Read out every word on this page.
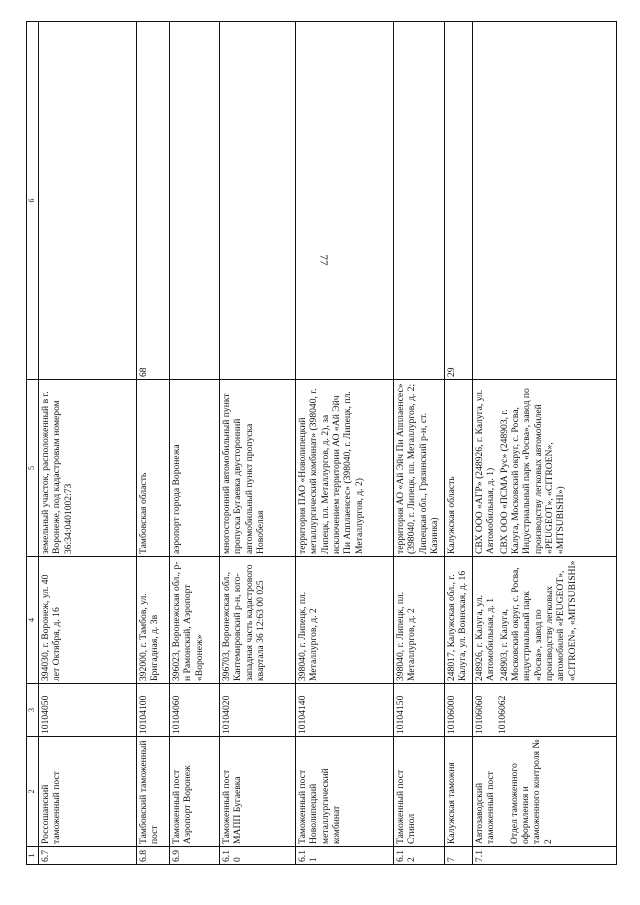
77
1	2	3	4	5	6
6.7	Россошанский таможенный пост	10104050	394030, г. Воронеж, ул. 40 лет Октября, д. 16	земельный участок, расположенный в г. Воронеже, под кадастровым номером 36:34:0401002:73	
6.8	Тамбовский таможенный пост	10104100	392000, г. Тамбов, ул. Бригадная, д. 3в	Тамбовская область	68
6.9	Таможенный пост Аэропорт Воронеж	10104060	396023, Воронежская обл., р-н Рамонский, Аэропорт «Воронеж»	аэропорт города Воронежа	
6.10	Таможенный пост МАПП Бугаевка	10104020	396703, Воронежская обл., Кантемировский р-н, юго-западная часть кадастрового квартала 36 12:63 00 025	многосторонний автомобильный пункт пропуска Бугаевка двусторонний автомобильный пункт пропуска Новобелая	
6.11	Таможенный пост Новолипецкий металлургический комбинат	10104140	398040, г. Липецк, пл. Металлургов, д. 2	территория ПАО «Новолипецкий металлургический комбинат» (398040, г. Липецк, пл. Металлургов, д. 2), за исключением территории АО «Ай Эйч Пи Апплаенсес» (398040, г. Липецк, пл. Металлургов, д. 2)	
6.12	Таможенный пост Стинол	10104150	398040, г. Липецк, пл. Металлургов, д. 2	территория АО «Ай Эйч Пи Апплаенсес» (398040, г. Липецк, пл. Металлургов, д. 2; Липецкая обл., Грязинский р-н, ст. Казинка)	
7	Калужская таможня	10106000	248017, Калужская обл., г. Калуга, ул. Воинская, д. 16	Калужская область	29
7.1	Автозаводский таможенный пост Отдел таможенного оформления и таможенного контроля № 2	10106060 10106062	248926, г. Калуга, ул. Автомобильная, д. 1 248903, г. Калуга, Московский округ, с. Росва, индустриальный парк «Росва», завод по производству легковых автомобилей «PEUGEOT», «CITROEN», «MITSUBISHI»	СВХ ООО «АГР» (248926, г. Калуга, ул. Автомобильная, д. 1) СВХ ООО «ПСМА Рус» (248903, г. Калуга, Московский округ, с. Росва, Индустриальный парк «Росва», завод по производству легковых автомобилей «PEUGEOT», «CITROEN», «MITSUBISHI»)	
